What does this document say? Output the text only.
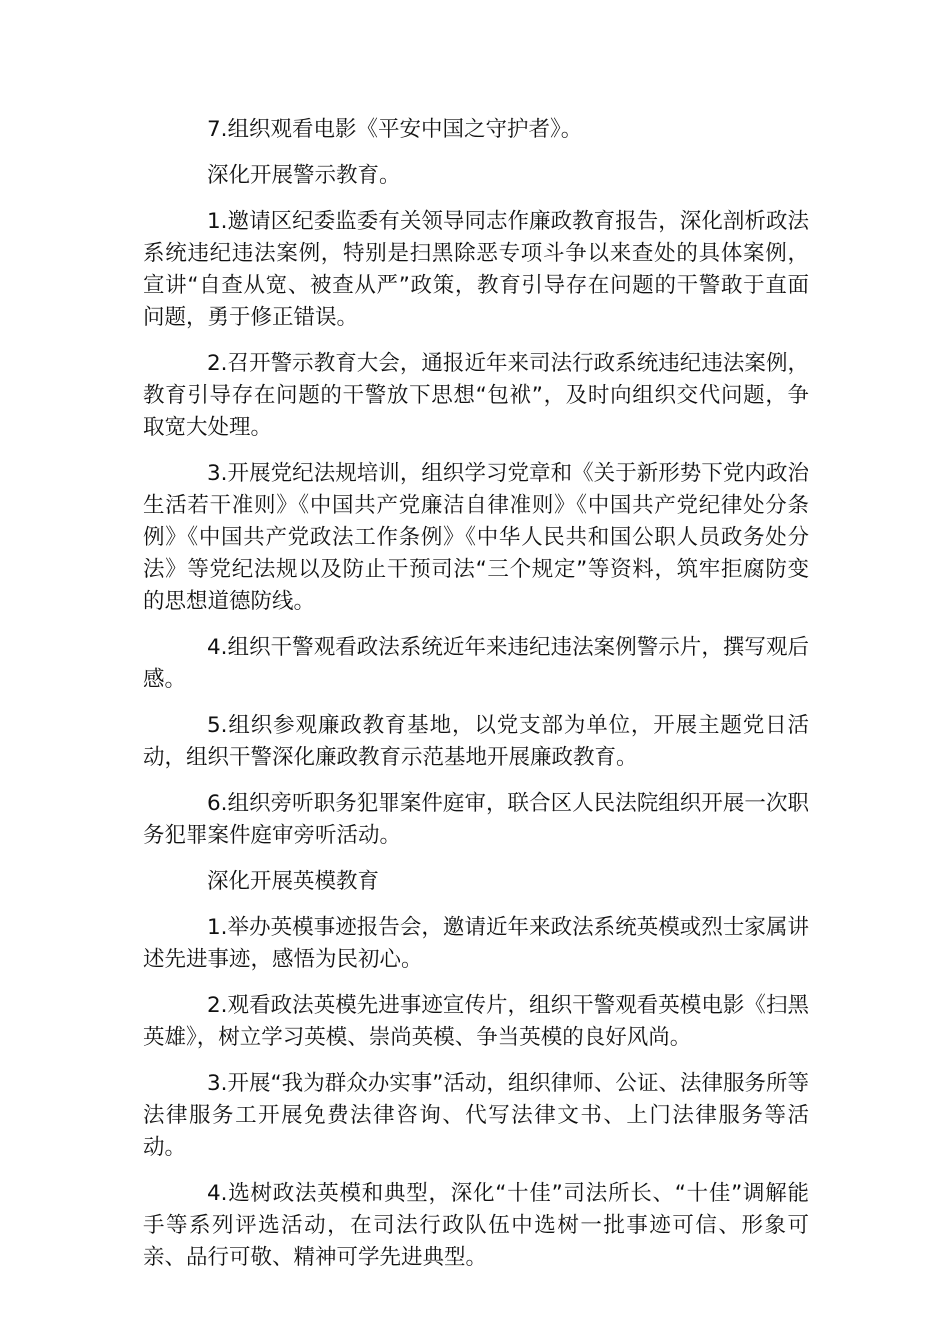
7.组织观看电影《平安中国之守护者》。

深化开展警示教育。

1.邀请区纪委监委有关领导同志作廉政教育报告，深化剖析政法系统违纪违法案例，特别是扫黑除恶专项斗争以来查处的具体案例，宣讲“自查从宽、被查从严”政策，教育引导存在问题的干警敢于直面问题，勇于修正错误。

2.召开警示教育大会，通报近年来司法行政系统违纪违法案例，教育引导存在问题的干警放下思想“包袱”，及时向组织交代问题，争取宽大处理。

3.开展党纪法规培训，组织学习党章和《关于新形势下党内政治生活若干准则》《中国共产党廉洁自律准则》《中国共产党纪律处分条例》《中国共产党政法工作条例》《中华人民共和国公职人员政务处分法》等党纪法规以及防止干预司法“三个规定”等资料，筑牢拒腐防变的思想道德防线。

4.组织干警观看政法系统近年来违纪违法案例警示片，撰写观后感。

5.组织参观廉政教育基地，以党支部为单位，开展主题党日活动，组织干警深化廉政教育示范基地开展廉政教育。

6.组织旁听职务犯罪案件庭审，联合区人民法院组织开展一次职务犯罪案件庭审旁听活动。

深化开展英模教育

1.举办英模事迹报告会，邀请近年来政法系统英模或烈士家属讲述先进事迹，感悟为民初心。

2.观看政法英模先进事迹宣传片，组织干警观看英模电影《扫黑英雄》，树立学习英模、崇尚英模、争当英模的良好风尚。

3.开展“我为群众办实事”活动，组织律师、公证、法律服务所等法律服务工开展免费法律咨询、代写法律文书、上门法律服务等活动。

4.选树政法英模和典型，深化“十佳”司法所长、“十佳”调解能手等系列评选活动，在司法行政队伍中选树一批事迹可信、形象可亲、品行可敬、精神可学先进典型。
